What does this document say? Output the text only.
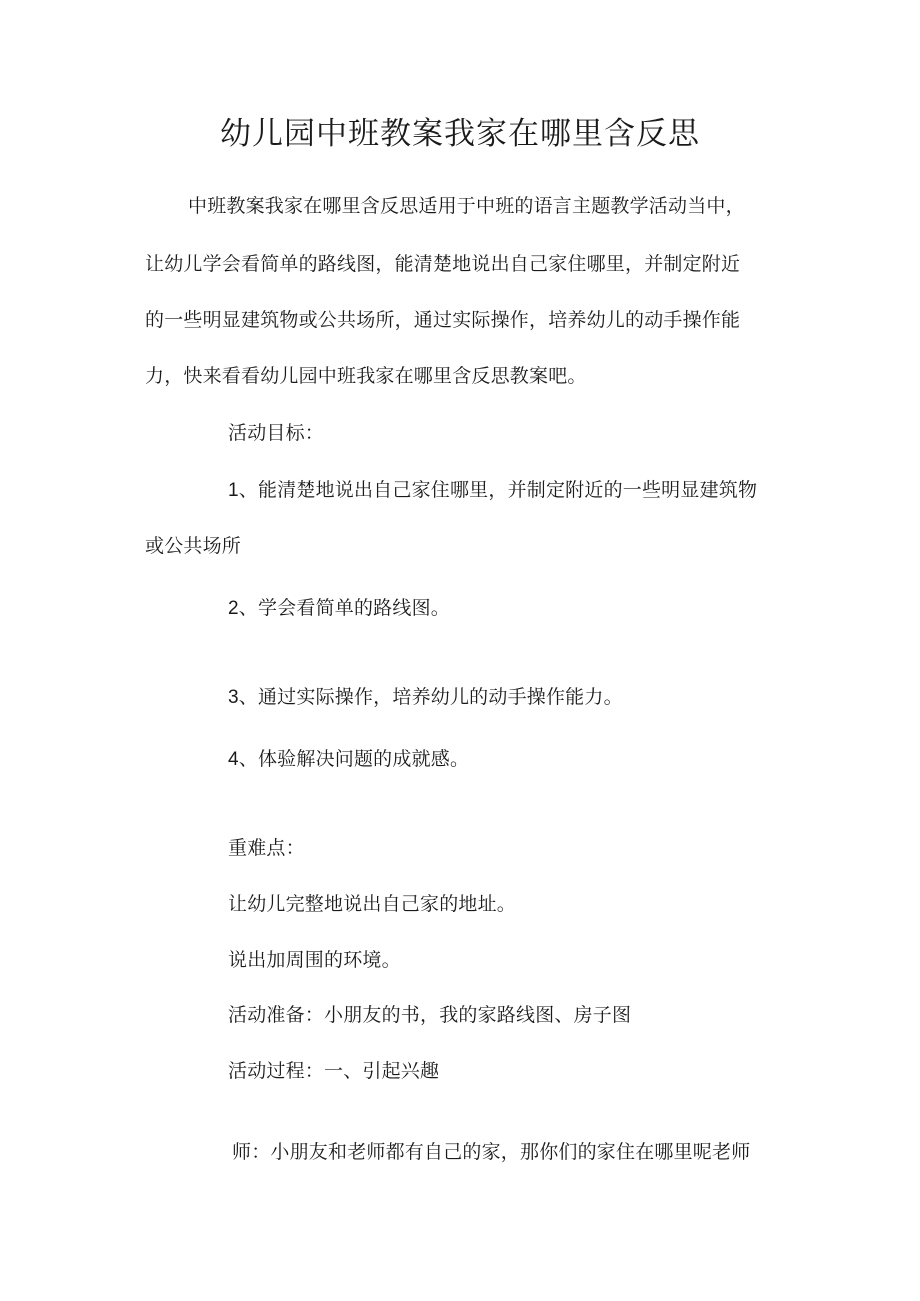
幼儿园中班教案我家在哪里含反思
中班教案我家在哪里含反思适用于中班的语言主题教学活动当中，
让幼儿学会看简单的路线图，能清楚地说出自己家住哪里，并制定附近
的一些明显建筑物或公共场所，通过实际操作，培养幼儿的动手操作能
力，快来看看幼儿园中班我家在哪里含反思教案吧。
活动目标：
1、能清楚地说出自己家住哪里，并制定附近的一些明显建筑物
或公共场所
2、学会看简单的路线图。
3、通过实际操作，培养幼儿的动手操作能力。
4、体验解决问题的成就感。
重难点：
让幼儿完整地说出自己家的地址。
说出加周围的环境。
活动准备：小朋友的书，我的家路线图、房子图
活动过程：一、引起兴趣
师：小朋友和老师都有自己的家，那你们的家住在哪里呢老师
